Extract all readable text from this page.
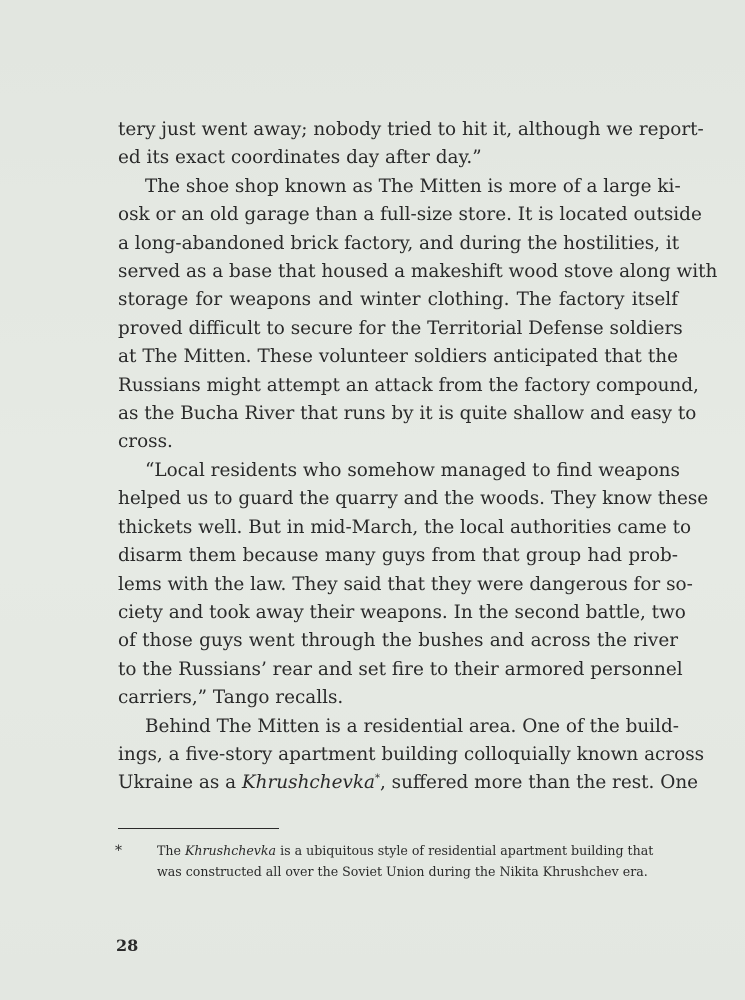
tery just went away; nobody tried to hit it, although we report-
ed its exact coordinates day after day.”
The shoe shop known as The Mitten is more of a large ki-
osk or an old garage than a full-size store. It is located outside
a long-abandoned brick factory, and during the hostilities, it
served as a base that housed a makeshift wood stove along with
storage for weapons and winter clothing. The factory itself
proved difficult to secure for the Territorial Defense soldiers
at The Mitten. These volunteer soldiers anticipated that the
Russians might attempt an attack from the factory compound,
as the Bucha River that runs by it is quite shallow and easy to
cross.
“Local residents who somehow managed to find weapons
helped us to guard the quarry and the woods. They know these
thickets well. But in mid-March, the local authorities came to
disarm them because many guys from that group had prob-
lems with the law. They said that they were dangerous for so-
ciety and took away their weapons. In the second battle, two
of those guys went through the bushes and across the river
to the Russians’ rear and set fire to their armored personnel
carriers,” Tango recalls.
Behind The Mitten is a residential area. One of the build-
ings, a five-story apartment building colloquially known across
Ukraine as a Khrushchevka*, suffered more than the rest. One
*	The Khrushchevka is a ubiquitous style of residential apartment building that
was constructed all over the Soviet Union during the Nikita Khrushchev era.
28
